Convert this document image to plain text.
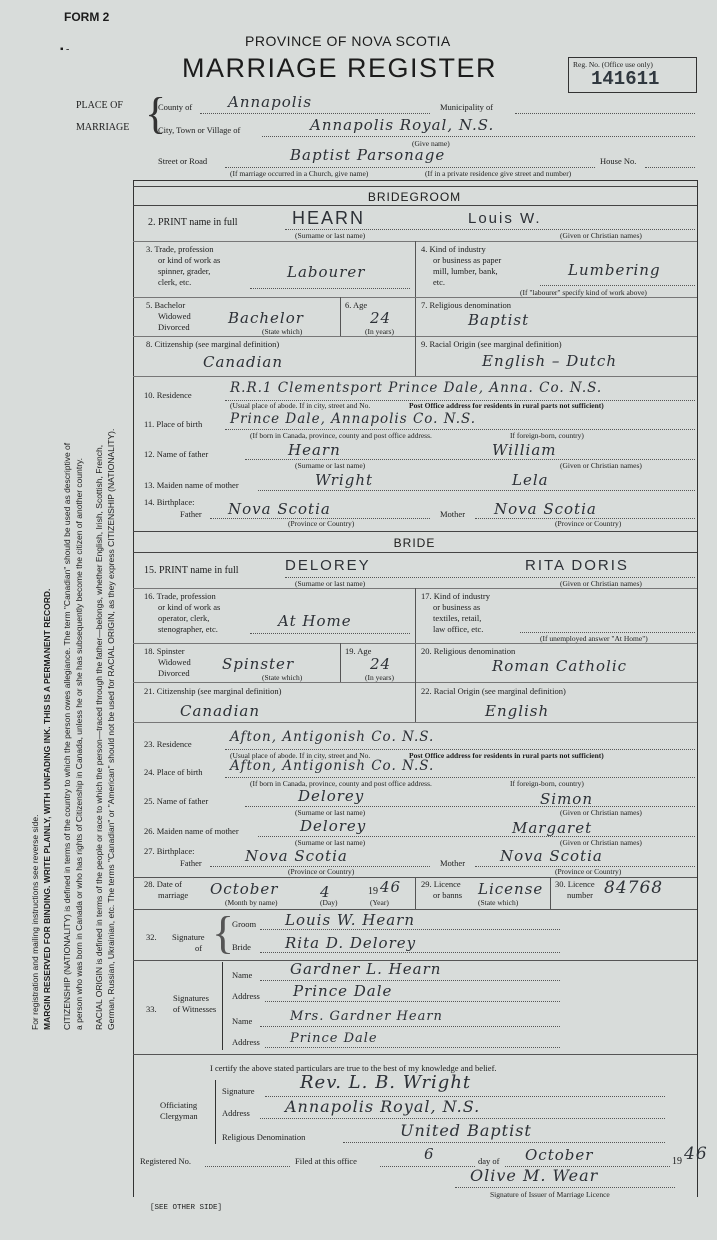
FORM 2
▪ -
PROVINCE OF NOVA SCOTIA
MARRIAGE REGISTER	Reg. No. (Office use only)
141611
For registration and mailing instructions see reverse side. MARGIN RESERVED FOR BINDING. WRITE PLAINLY, WITH UNFADING INK. THIS IS A PERMANENT RECORD. CITIZENSHIP (NATIONALITY) is defined in terms of the country to which the person owes allegiance. The term "Canadian" should be used as descriptive of a person who was born in Canada or who has rights of Citizenship in Canada, unless he or she has subsequently become the citizen of another country. RACIAL ORIGIN is defined in terms of the people or race to which the person—traced through the father—belongs, whether English, Irish, Scottish, French, German, Russian, Ukrainian, etc. The terms "Canadian" or "American" should not be used for RACIAL ORIGIN, as they express CITIZENSHIP (NATIONALITY).
PLACE OF
MARRIAGE {
County of Annapolis	Municipality of
City, Town or Village of	Annapolis Royal, N.S.
(Give name)
Street or Road	Baptist Parsonage	House No.
(If marriage occurred in a Church, give name)	(If in a private residence give street and number)
BRIDEGROOM
2. PRINT name in full	HEARN	Louis W.
(Surname or last name)	(Given or Christian names)
3. Trade, profession
or kind of work as
spinner, grader,
clerk, etc.
Labourer
4. Kind of industry
or business as paper
mill, lumber, bank,
etc.
Lumbering
(If "labourer" specify kind of work above)
5. Bachelor
Widowed
Divorced	Bachelor
(State which)
6. Age
24
(In years)
7. Religious denomination
Baptist
8. Citizenship (see marginal definition)
Canadian
9. Racial Origin (see marginal definition)
English – Dutch
10. Residence	R.R.1 Clementsport Prince Dale, Anna. Co. N.S.
(Usual place of abode. If in city, street and No.	Post Office address for residents in rural parts not sufficient)
11. Place of birth Prince Dale, Annapolis Co. N.S.
(If born in Canada, province, county and post office address.	If foreign-born, country)
12. Name of father	Hearn	William
(Surname or last name)	(Given or Christian names)
13. Maiden name of mother	Wright	Lela
14. Birthplace:
Father Nova Scotia	Mother Nova Scotia
(Province or Country)	(Province or Country)
BRIDE
15. PRINT name in full	DELOREY	RITA DORIS
(Surname or last name)	(Given or Christian names)
16. Trade, profession
or kind of work as
operator, clerk,
stenographer, etc.	At Home
17. Kind of industry
or business as
textiles, retail,
law office, etc.
(If unemployed answer "At Home")
18. Spinster
Widowed
Divorced Spinster
(State which)
19. Age
24
(In years)
20. Religious denomination
Roman Catholic
21. Citizenship (see marginal definition)
Canadian
22. Racial Origin (see marginal definition)
English
23. Residence	Afton, Antigonish Co. N.S.
(Usual place of abode. If in city, street and No.	Post Office address for residents in rural parts not sufficient)
24. Place of birth Afton, Antigonish Co. N.S.
(If born in Canada, province, county and post office address.	If foreign-born, country)
25. Name of father	Delorey	Simon
(Surname or last name)	(Given or Christian names)
26. Maiden name of mother	Delorey	Margaret
(Surname or last name)	(Given or Christian names)
27. Birthplace:
Father	Nova Scotia	Mother Nova Scotia
(Province or Country)	(Province or Country)
28. Date of
marriage October	4	19 46
(Month by name)	(Day)	(Year)
29. Licence
or banns License
(State which)
30. Licence
number 84768
32. Signature
of {
Groom Louis W. Hearn
Bride Rita D. Delorey
33.
Signatures
of Witnesses
Name	Gardner L. Hearn
Address Prince Dale
Name	Mrs. Gardner Hearn
Address Prince Dale
I certify the above stated particulars are true to the best of my knowledge and belief.
Officiating
Clergyman
Signature	Rev. L. B. Wright
Address Annapolis Royal, N.S.
Religious Denomination	United Baptist
Registered No.	Filed at this office	6	day of October	19 46
Olive M. Wear
Signature of Issuer of Marriage Licence
[SEE OTHER SIDE]
